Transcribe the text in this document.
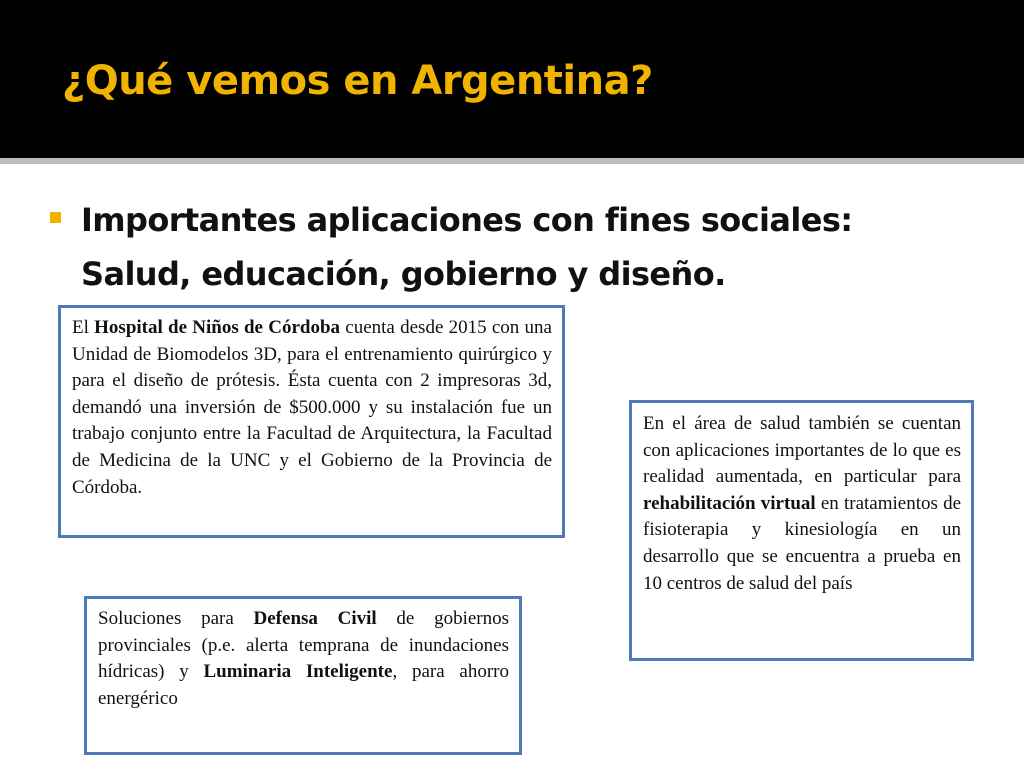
¿Qué vemos en Argentina?
Importantes aplicaciones con fines sociales:
Salud, educación, gobierno y diseño.
El Hospital de Niños de Córdoba cuenta desde 2015 con una Unidad de Biomodelos 3D, para el entrenamiento quirúrgico y para el diseño de prótesis. Ésta cuenta con 2 impresoras 3d, demandó una inversión de $500.000 y su instalación fue un trabajo conjunto entre la Facultad de Arquitectura, la Facultad de Medicina de la UNC y el Gobierno de la Provincia de Córdoba.
En el área de salud también se cuentan con aplicaciones importantes de lo que es realidad aumentada, en particular para rehabilitación virtual en tratamientos de fisioterapia y kinesiología en un desarrollo que se encuentra a prueba en 10 centros de salud del país
Soluciones para Defensa Civil de gobiernos provinciales (p.e. alerta temprana de inundaciones hídricas) y Luminaria Inteligente, para ahorro energérico
